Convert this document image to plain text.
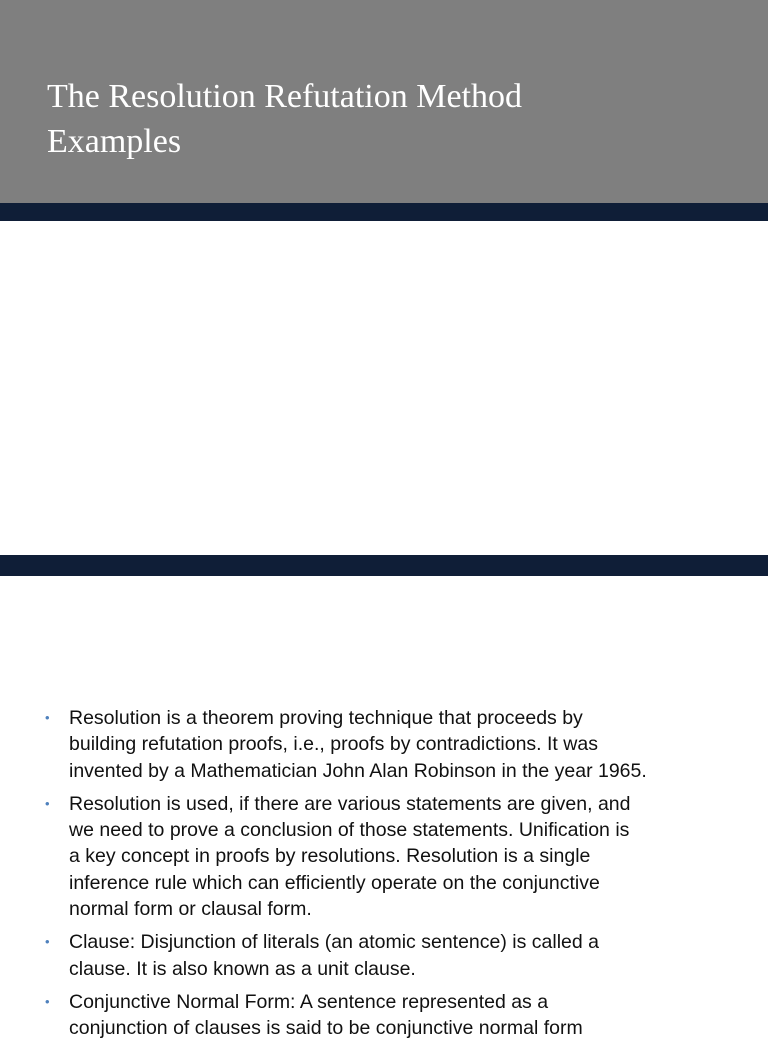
The Resolution Refutation Method
Examples
• Resolution is a theorem proving technique that proceeds by
building refutation proofs, i.e., proofs by contradictions. It was
invented by a Mathematician John Alan Robinson in the year 1965.
• Resolution is used, if there are various statements are given, and
we need to prove a conclusion of those statements. Unification is
a key concept in proofs by resolutions. Resolution is a single
inference rule which can efficiently operate on the conjunctive
normal form or clausal form.
• Clause: Disjunction of literals (an atomic sentence) is called a
clause. It is also known as a unit clause.
• Conjunctive Normal Form: A sentence represented as a
conjunction of clauses is said to be conjunctive normal form
